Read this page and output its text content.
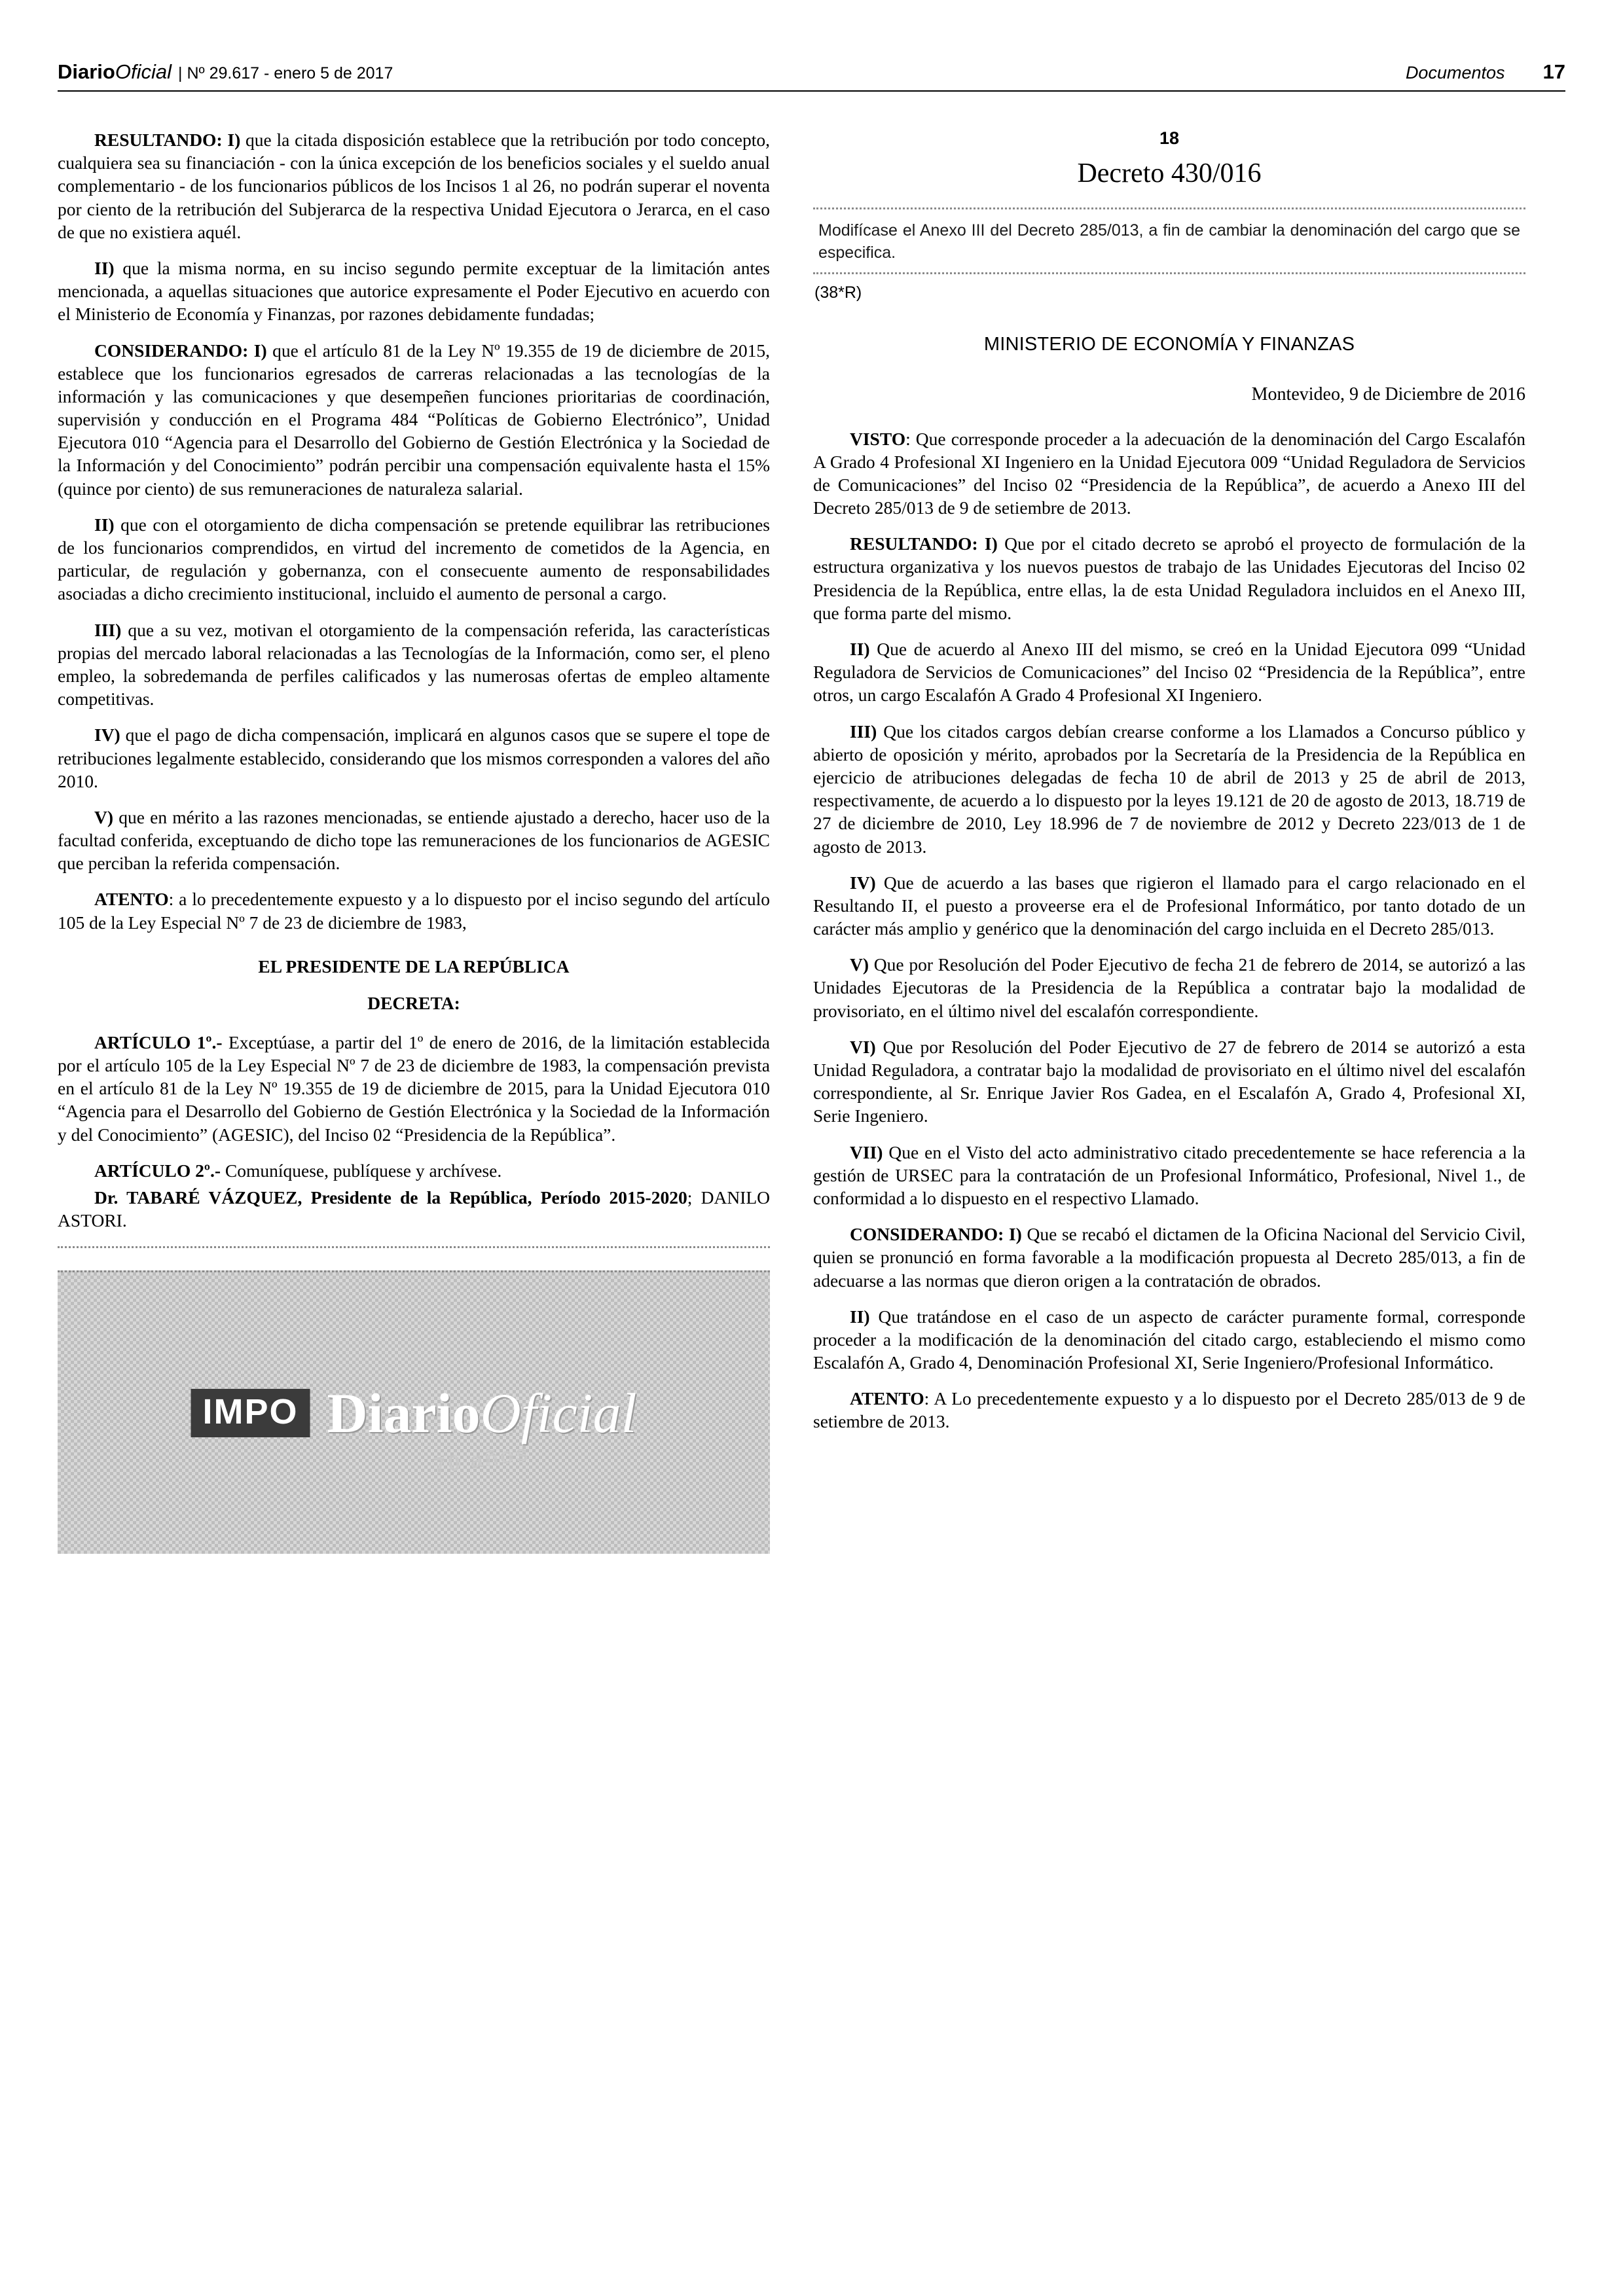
DiarioOficial | Nº 29.617 - enero 5 de 2017	Documentos 17

RESULTANDO: I) que la citada disposición establece que la retribución por todo concepto, cualquiera sea su financiación - con la única excepción de los beneficios sociales y el sueldo anual complementario - de los funcionarios públicos de los Incisos 1 al 26, no podrán superar el noventa por ciento de la retribución del Subjerarca de la respectiva Unidad Ejecutora o Jerarca, en el caso de que no existiera aquél.

II) que la misma norma, en su inciso segundo permite exceptuar de la limitación antes mencionada, a aquellas situaciones que autorice expresamente el Poder Ejecutivo en acuerdo con el Ministerio de Economía y Finanzas, por razones debidamente fundadas;

CONSIDERANDO: I) que el artículo 81 de la Ley Nº 19.355 de 19 de diciembre de 2015, establece que los funcionarios egresados de carreras relacionadas a las tecnologías de la información y las comunicaciones y que desempeñen funciones prioritarias de coordinación, supervisión y conducción en el Programa 484 “Políticas de Gobierno Electrónico”, Unidad Ejecutora 010 “Agencia para el Desarrollo del Gobierno de Gestión Electrónica y la Sociedad de la Información y del Conocimiento” podrán percibir una compensación equivalente hasta el 15% (quince por ciento) de sus remuneraciones de naturaleza salarial.

II) que con el otorgamiento de dicha compensación se pretende equilibrar las retribuciones de los funcionarios comprendidos, en virtud del incremento de cometidos de la Agencia, en particular, de regulación y gobernanza, con el consecuente aumento de responsabilidades asociadas a dicho crecimiento institucional, incluido el aumento de personal a cargo.

III) que a su vez, motivan el otorgamiento de la compensación referida, las características propias del mercado laboral relacionadas a las Tecnologías de la Información, como ser, el pleno empleo, la sobredemanda de perfiles calificados y las numerosas ofertas de empleo altamente competitivas.

IV) que el pago de dicha compensación, implicará en algunos casos que se supere el tope de retribuciones legalmente establecido, considerando que los mismos corresponden a valores del año 2010.

V) que en mérito a las razones mencionadas, se entiende ajustado a derecho, hacer uso de la facultad conferida, exceptuando de dicho tope las remuneraciones de los funcionarios de AGESIC que perciban la referida compensación.

ATENTO: a lo precedentemente expuesto y a lo dispuesto por el inciso segundo del artículo 105 de la Ley Especial Nº 7 de 23 de diciembre de 1983,

EL PRESIDENTE DE LA REPÚBLICA
DECRETA:

ARTÍCULO 1º.- Exceptúase, a partir del 1º de enero de 2016, de la limitación establecida por el artículo 105 de la Ley Especial Nº 7 de 23 de diciembre de 1983, la compensación prevista en el artículo 81 de la Ley Nº 19.355 de 19 de diciembre de 2015, para la Unidad Ejecutora 010 “Agencia para el Desarrollo del Gobierno de Gestión Electrónica y la Sociedad de la Información y del Conocimiento” (AGESIC), del Inciso 02 “Presidencia de la República”.

ARTÍCULO 2º.- Comuníquese, publíquese y archívese.

Dr. TABARÉ VÁZQUEZ, Presidente de la República, Período 2015-2020; DANILO ASTORI.

IMPO DiarioOficial
70 años
18
Decreto 430/016
Modifícase el Anexo III del Decreto 285/013, a fin de cambiar la denominación del cargo que se especifica.
(38*R)
MINISTERIO DE ECONOMÍA Y FINANZAS
Montevideo, 9 de Diciembre de 2016

VISTO: Que corresponde proceder a la adecuación de la denominación del Cargo Escalafón A Grado 4 Profesional XI Ingeniero en la Unidad Ejecutora 009 “Unidad Reguladora de Servicios de Comunicaciones” del Inciso 02 “Presidencia de la República”, de acuerdo a Anexo III del Decreto 285/013 de 9 de setiembre de 2013.

RESULTANDO: I) Que por el citado decreto se aprobó el proyecto de formulación de la estructura organizativa y los nuevos puestos de trabajo de las Unidades Ejecutoras del Inciso 02 Presidencia de la República, entre ellas, la de esta Unidad Reguladora incluidos en el Anexo III, que forma parte del mismo.

II) Que de acuerdo al Anexo III del mismo, se creó en la Unidad Ejecutora 099 “Unidad Reguladora de Servicios de Comunicaciones” del Inciso 02 “Presidencia de la República”, entre otros, un cargo Escalafón A Grado 4 Profesional XI Ingeniero.

III) Que los citados cargos debían crearse conforme a los Llamados a Concurso público y abierto de oposición y mérito, aprobados por la Secretaría de la Presidencia de la República en ejercicio de atribuciones delegadas de fecha 10 de abril de 2013 y 25 de abril de 2013, respectivamente, de acuerdo a lo dispuesto por la leyes 19.121 de 20 de agosto de 2013, 18.719 de 27 de diciembre de 2010, Ley 18.996 de 7 de noviembre de 2012 y Decreto 223/013 de 1 de agosto de 2013.

IV) Que de acuerdo a las bases que rigieron el llamado para el cargo relacionado en el Resultando II, el puesto a proveerse era el de Profesional Informático, por tanto dotado de un carácter más amplio y genérico que la denominación del cargo incluida en el Decreto 285/013.

V) Que por Resolución del Poder Ejecutivo de fecha 21 de febrero de 2014, se autorizó a las Unidades Ejecutoras de la Presidencia de la República a contratar bajo la modalidad de provisoriato, en el último nivel del escalafón correspondiente.

VI) Que por Resolución del Poder Ejecutivo de 27 de febrero de 2014 se autorizó a esta Unidad Reguladora, a contratar bajo la modalidad de provisoriato en el último nivel del escalafón correspondiente, al Sr. Enrique Javier Ros Gadea, en el Escalafón A, Grado 4, Profesional XI, Serie Ingeniero.

VII) Que en el Visto del acto administrativo citado precedentemente se hace referencia a la gestión de URSEC para la contratación de un Profesional Informático, Profesional, Nivel 1., de conformidad a lo dispuesto en el respectivo Llamado.

CONSIDERANDO: I) Que se recabó el dictamen de la Oficina Nacional del Servicio Civil, quien se pronunció en forma favorable a la modificación propuesta al Decreto 285/013, a fin de adecuarse a las normas que dieron origen a la contratación de obrados.

II) Que tratándose en el caso de un aspecto de carácter puramente formal, corresponde proceder a la modificación de la denominación del citado cargo, estableciendo el mismo como Escalafón A, Grado 4, Denominación Profesional XI, Serie Ingeniero/Profesional Informático.

ATENTO: A Lo precedentemente expuesto y a lo dispuesto por el Decreto 285/013 de 9 de setiembre de 2013.
